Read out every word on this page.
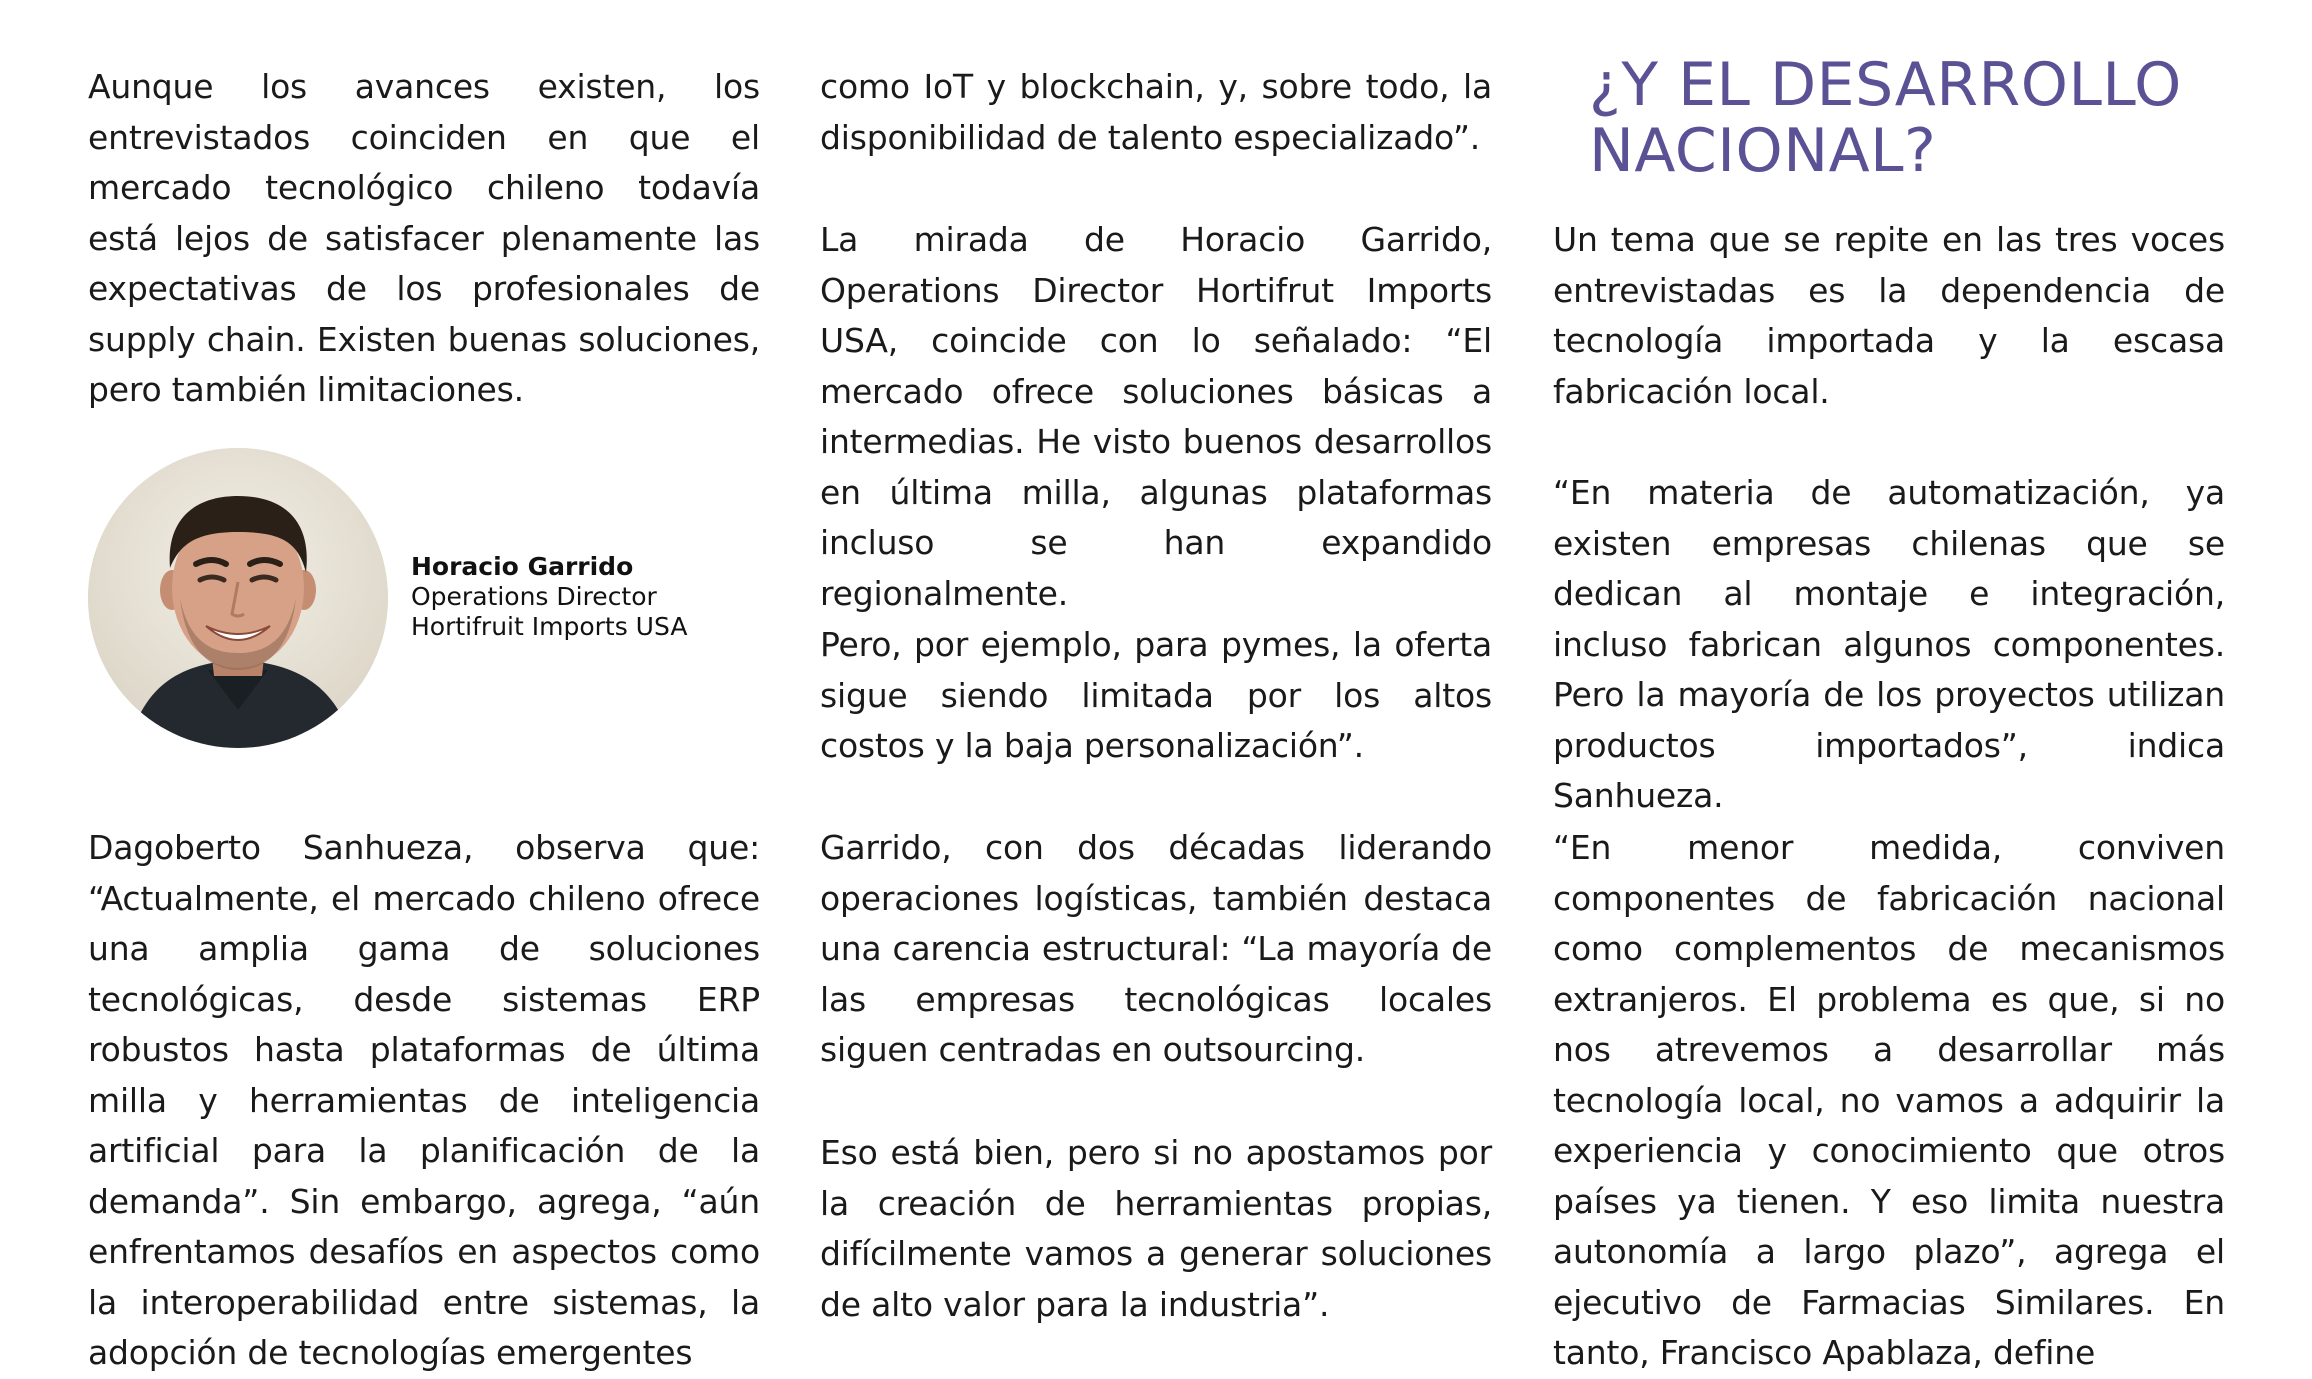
Aunque los avances existen, los entrevistados coinciden en que el mercado tecnológico chileno todavía está lejos de satisfacer plenamente las expectativas de los profesionales de supply chain. Existen buenas soluciones, pero también limitaciones.

Horacio Garrido
Operations Director
Hortifruit Imports USA

Dagoberto Sanhueza, observa que: “Actualmente, el mercado chileno ofrece una amplia gama de soluciones tecnológicas, desde sistemas ERP robustos hasta plataformas de última milla y herramientas de inteligencia artificial para la planificación de la demanda”. Sin embargo, agrega, “aún enfrentamos desafíos en aspectos como la interoperabilidad entre sistemas, la adopción de tecnologías emergentes

como IoT y blockchain, y, sobre todo, la disponibilidad de talento especializado”.

La mirada de Horacio Garrido, Operations Director Hortifrut Imports USA, coincide con lo señalado: “El mercado ofrece soluciones básicas a intermedias. He visto buenos desarrollos en última milla, algunas plataformas incluso se han expandido regionalmente.

Pero, por ejemplo, para pymes, la oferta sigue siendo limitada por los altos costos y la baja personalización”.

Garrido, con dos décadas liderando operaciones logísticas, también destaca una carencia estructural: “La mayoría de las empresas tecnológicas locales siguen centradas en outsourcing.

Eso está bien, pero si no apostamos por la creación de herramientas propias, difícilmente vamos a generar soluciones de alto valor para la industria”.

¿Y EL DESARROLLO NACIONAL?

Un tema que se repite en las tres voces entrevistadas es la dependencia de tecnología importada y la escasa fabricación local.

“En materia de automatización, ya existen empresas chilenas que se dedican al montaje e integración, incluso fabrican algunos componentes. Pero la mayoría de los proyectos utilizan productos importados”, indica Sanhueza.

“En menor medida, conviven componentes de fabricación nacional como complementos de mecanismos extranjeros. El problema es que, si no nos atrevemos a desarrollar más tecnología local, no vamos a adquirir la experiencia y conocimiento que otros países ya tienen. Y eso limita nuestra autonomía a largo plazo”, agrega el ejecutivo de Farmacias Similares. En tanto, Francisco Apablaza, define
